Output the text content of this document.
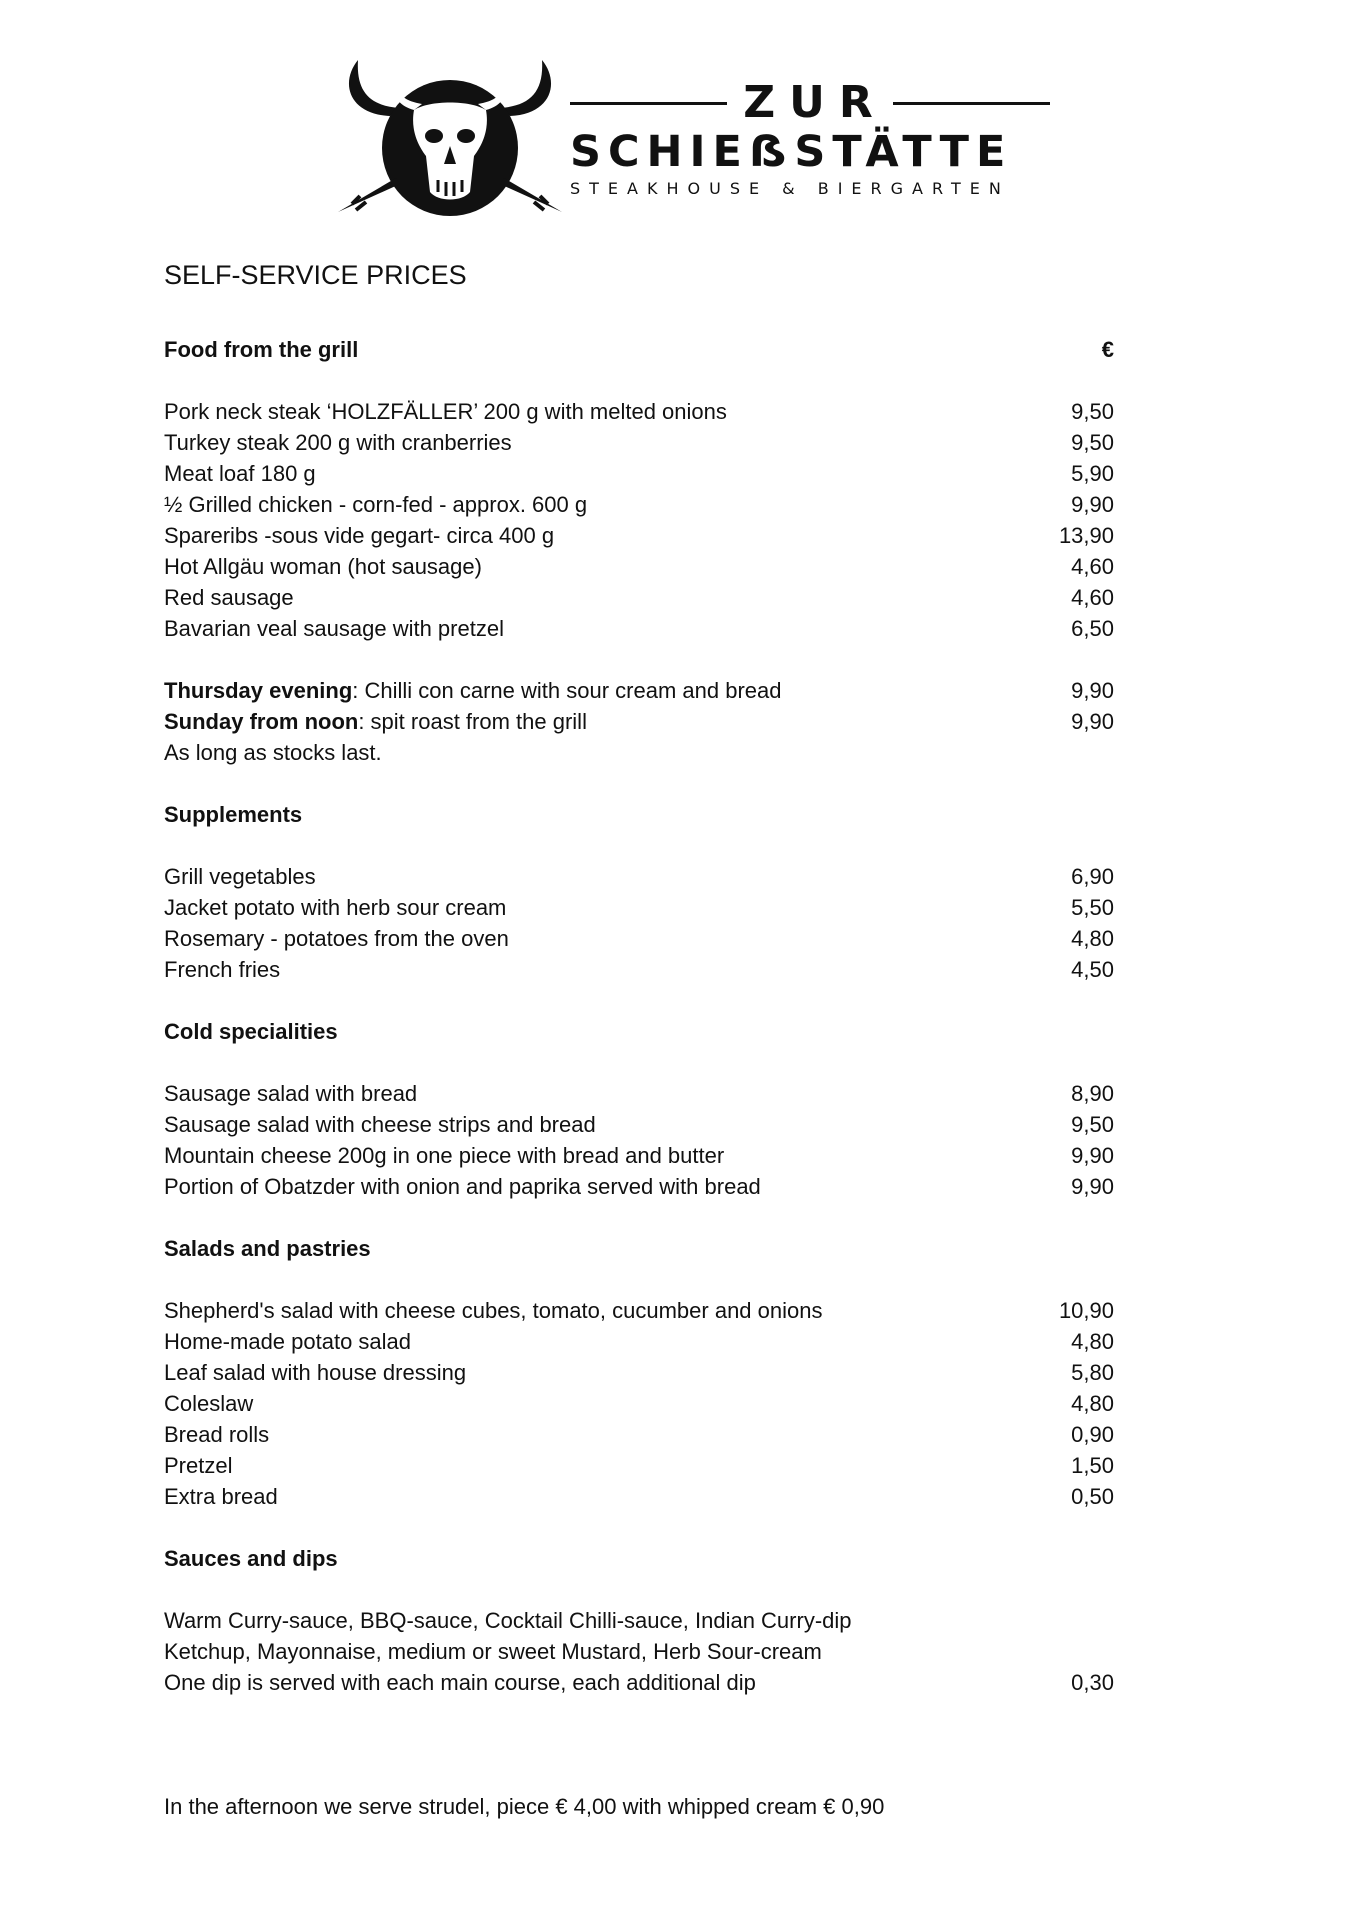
ZUR
SCHIEẞSTÄTTE
STEAKHOUSE & BIERGARTEN
SELF-SERVICE PRICES
Food from the grill	€
Pork neck steak ‘HOLZFÄLLER’ 200 g with melted onions	9,50
Turkey steak 200 g with cranberries	9,50
Meat loaf 180 g	5,90
½ Grilled chicken - corn-fed - approx. 600 g	9,90
Spareribs -sous vide gegart- circa 400 g	13,90
Hot Allgäu woman (hot sausage)	4,60
Red sausage	4,60
Bavarian veal sausage with pretzel	6,50
Thursday evening: Chilli con carne with sour cream and bread	9,90
Sunday from noon: spit roast from the grill	9,90
As long as stocks last.
Supplements
Grill vegetables	6,90
Jacket potato with herb sour cream	5,50
Rosemary - potatoes from the oven	4,80
French fries	4,50
Cold specialities
Sausage salad with bread	8,90
Sausage salad with cheese strips and bread	9,50
Mountain cheese 200g in one piece with bread and butter	9,90
Portion of Obatzder with onion and paprika served with bread	9,90
Salads and pastries
Shepherd's salad with cheese cubes, tomato, cucumber and onions	10,90
Home-made potato salad	4,80
Leaf salad with house dressing	5,80
Coleslaw	4,80
Bread rolls	0,90
Pretzel	1,50
Extra bread	0,50
Sauces and dips
Warm Curry-sauce, BBQ-sauce, Cocktail Chilli-sauce, Indian Curry-dip
Ketchup, Mayonnaise, medium or sweet Mustard, Herb Sour-cream
One dip is served with each main course, each additional dip	0,30
In the afternoon we serve strudel, piece € 4,00 with whipped cream € 0,90
